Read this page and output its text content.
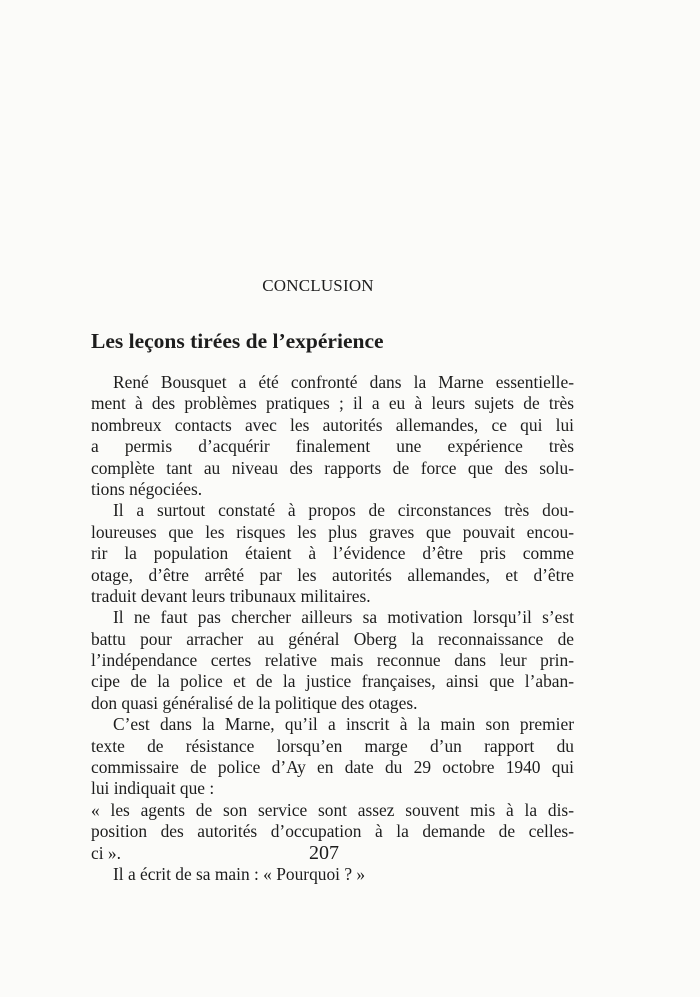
CONCLUSION
Les leçons tirées de l’expérience
René Bousquet a été confronté dans la Marne essentielle-
ment à des problèmes pratiques ; il a eu à leurs sujets de très
nombreux contacts avec les autorités allemandes, ce qui lui
a permis d’acquérir finalement une expérience très
complète tant au niveau des rapports de force que des solu-
tions négociées.
Il a surtout constaté à propos de circonstances très dou-
loureuses que les risques les plus graves que pouvait encou-
rir la population étaient à l’évidence d’être pris comme
otage, d’être arrêté par les autorités allemandes, et d’être
traduit devant leurs tribunaux militaires.
Il ne faut pas chercher ailleurs sa motivation lorsqu’il s’est
battu pour arracher au général Oberg la reconnaissance de
l’indépendance certes relative mais reconnue dans leur prin-
cipe de la police et de la justice françaises, ainsi que l’aban-
don quasi généralisé de la politique des otages.
C’est dans la Marne, qu’il a inscrit à la main son premier
texte de résistance lorsqu’en marge d’un rapport du
commissaire de police d’Ay en date du 29 octobre 1940 qui
lui indiquait que :
« les agents de son service sont assez souvent mis à la dis-
position des autorités d’occupation à la demande de celles-
ci ».
Il a écrit de sa main : « Pourquoi ? »
207
